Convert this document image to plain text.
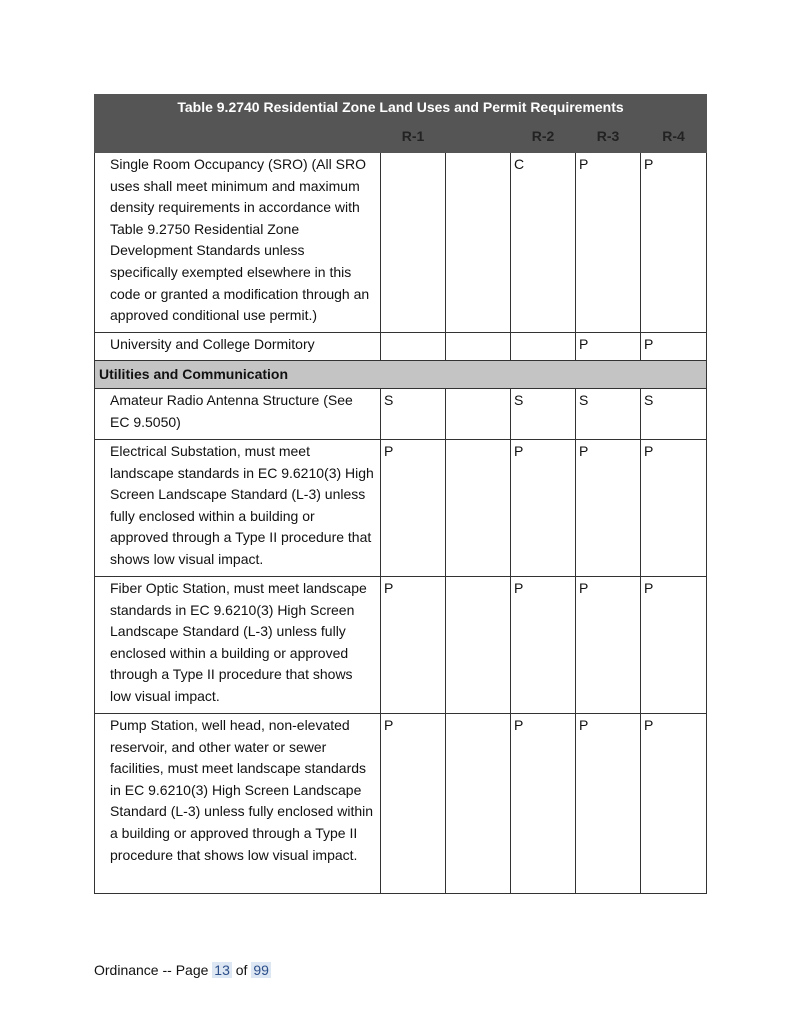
Table 9.2740 Residential Zone Land Uses and Permit Requirements					
	R-1		R-2	R-3	R-4
Single Room Occupancy (SRO) (All SRO uses shall meet minimum and maximum density requirements in accordance with Table 9.2750 Residential Zone Development Standards unless specifically exempted elsewhere in this code or granted a modification through an approved conditional use permit.)			C	P	P
University and College Dormitory				P	P
Utilities and Communication					
Amateur Radio Antenna Structure (See EC 9.5050)	S		S	S	S
Electrical Substation, must meet landscape standards in EC 9.6210(3) High Screen Landscape Standard (L-3) unless fully enclosed within a building or approved through a Type II procedure that shows low visual impact.	P		P	P	P
Fiber Optic Station, must meet landscape standards in EC 9.6210(3) High Screen Landscape Standard (L-3) unless fully enclosed within a building or approved through a Type II procedure that shows low visual impact.	P		P	P	P
Pump Station, well head, non-elevated reservoir, and other water or sewer facilities, must meet landscape standards in EC 9.6210(3) High Screen Landscape Standard (L-3) unless fully enclosed within a building or approved through a Type II procedure that shows low visual impact.	P		P	P	P
Ordinance -- Page 13 of 99
